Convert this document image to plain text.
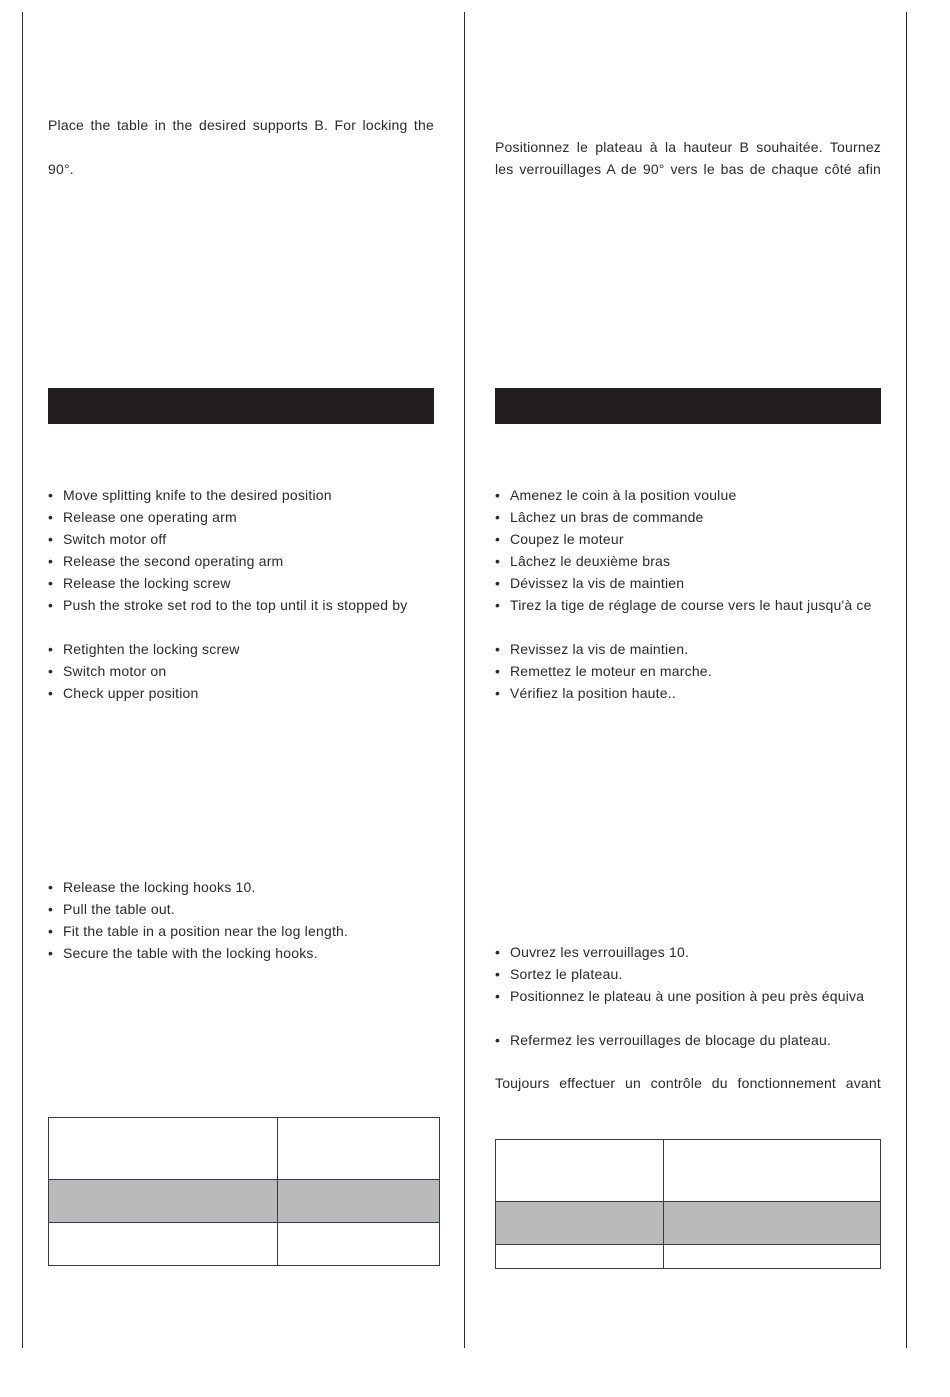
Place the table in the desired supports B. For locking the

90°.

• Move splitting knife to the desired position
• Release one operating arm
• Switch motor off
• Release the second operating arm
• Release the locking screw
• Push the stroke set rod to the top until it is stopped by
• Retighten the locking screw
• Switch motor on
• Check upper position
• Release the locking hooks 10.
• Pull the table out.
• Fit the table in a position near the log length.
• Secure the table with the locking hooks.

Positionnez le plateau à la hauteur B souhaitée. Tournez

les verrouillages A de 90° vers le bas de chaque côté afin

• Amenez le coin à la position voulue
• Lâchez un bras de commande
• Coupez le moteur
• Lâchez le deuxième bras
• Dévissez la vis de maintien
• Tirez la tige de réglage de course vers le haut jusqu'à ce
• Revissez la vis de maintien.
• Remettez le moteur en marche.
• Vérifiez la position haute..
• Ouvrez les verrouillages 10.
• Sortez le plateau.
• Positionnez le plateau à une position à peu près équiva
• Refermez les verrouillages de blocage du plateau.

Toujours effectuer un contrôle du fonctionnement avant
